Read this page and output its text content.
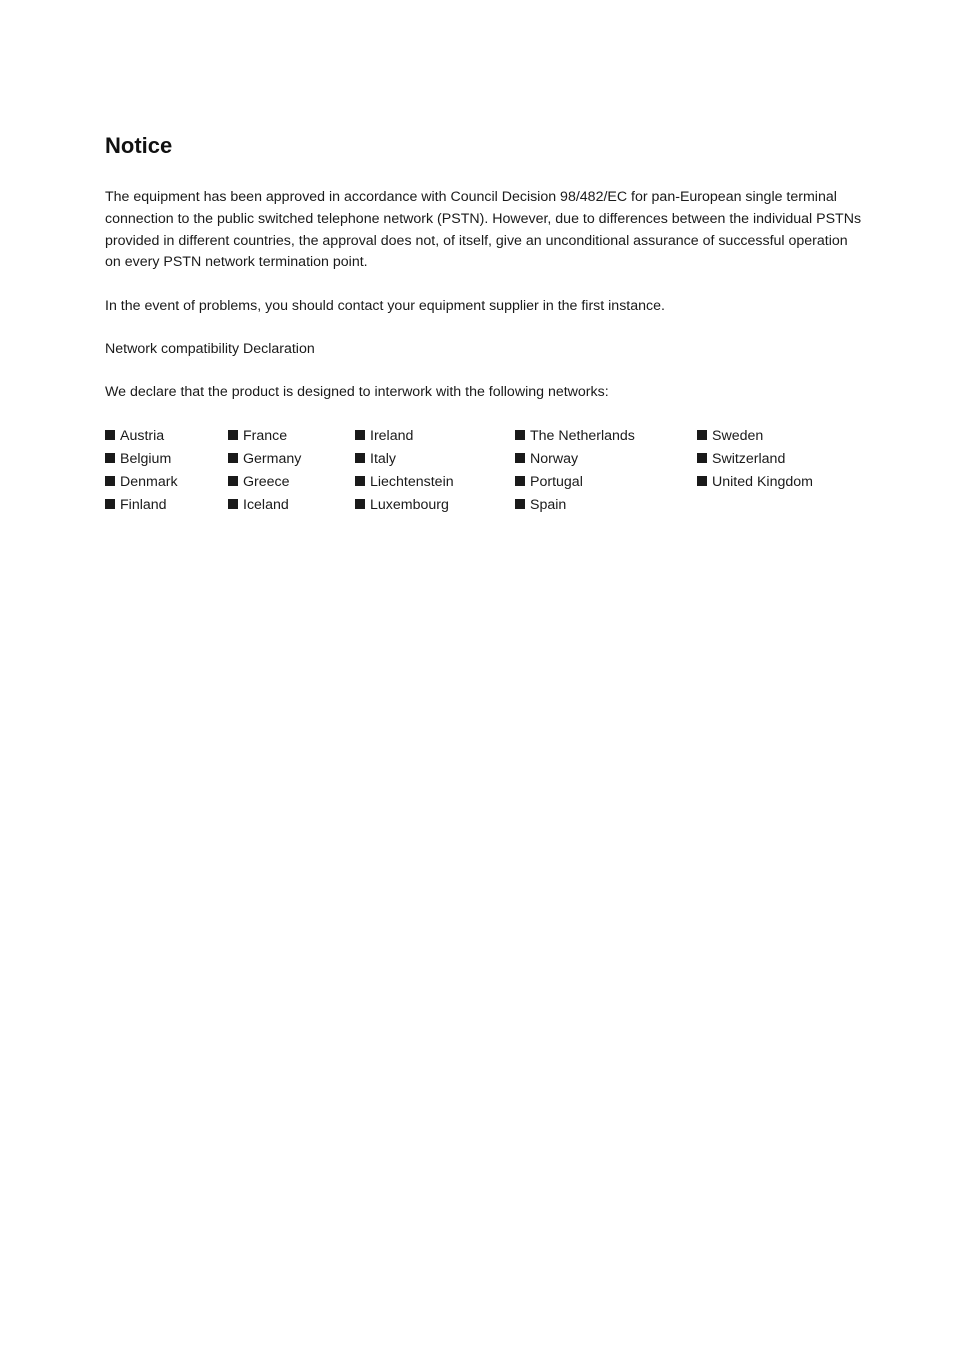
Notice

The equipment has been approved in accordance with Council Decision 98/482/EC for pan-European single terminal connection to the public switched telephone network (PSTN). However, due to differences between the individual PSTNs provided in different countries, the approval does not, of itself, give an unconditional assurance of successful operation on every PSTN network termination point.

In the event of problems, you should contact your equipment supplier in the first instance.

Network compatibility Declaration

We declare that the product is designed to interwork with the following networks:

Austria
Belgium
Denmark
Finland
France
Germany
Greece
Iceland
Ireland
Italy
Liechtenstein
Luxembourg
The Netherlands
Norway
Portugal
Spain
Sweden
Switzerland
United Kingdom
